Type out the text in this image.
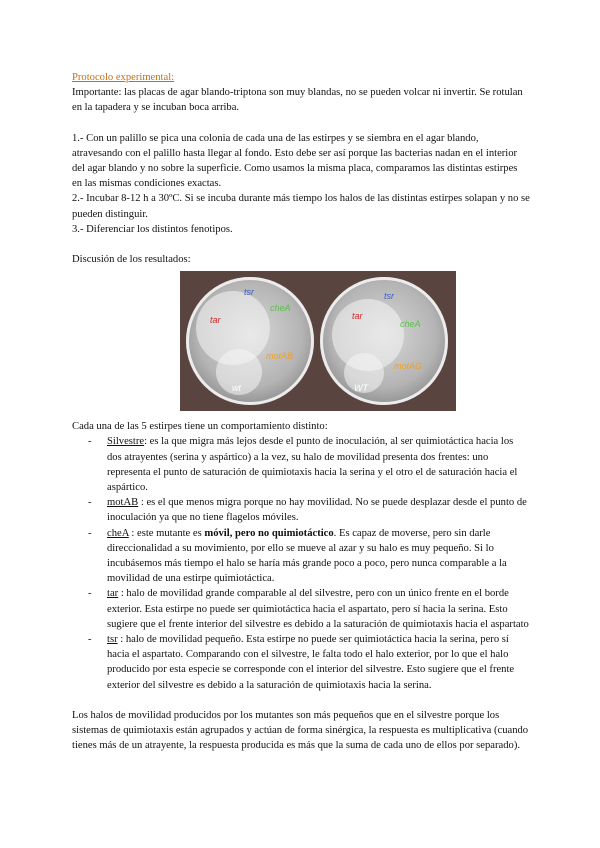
Protocolo experimental:

Importante: las placas de agar blando-triptona son muy blandas, no se pueden volcar ni invertir. Se rotulan en la tapadera y se incuban boca arriba.

1.- Con un palillo se pica una colonia de cada una de las estirpes y se siembra en el agar blando, atravesando con el palillo hasta llegar al fondo. Esto debe ser así porque las bacterias nadan en el interior del agar blando y no sobre la superficie. Como usamos la misma placa, comparamos las distintas estirpes en las mismas condiciones exactas.

2.- Incubar 8-12 h a 30ºC. Si se incuba durante más tiempo los halos de las distintas estirpes solapan y no se pueden distinguir.

3.- Diferenciar los distintos fenotipos.

Discusión de los resultados:

tsr
cheA
tar
motAB
wt
tsr
tar
cheA
motAG
WT

Cada una de las 5 estirpes tiene un comportamiento distinto:

- Silvestre: es la que migra más lejos desde el punto de inoculación, al ser quimiotáctica hacia los dos atrayentes (serina y aspártico) a la vez, su halo de movilidad presenta dos frentes: uno representa el punto de saturación de quimiotaxis hacia la serina y el otro el de saturación hacia el aspártico.
- motAB : es el que menos migra porque no hay movilidad. No se puede desplazar desde el punto de inoculación ya que no tiene flagelos móviles.
- cheA : este mutante es móvil, pero no quimiotáctico. Es capaz de moverse, pero sin darle direccionalidad a su movimiento, por ello se mueve al azar y su halo es muy pequeño. Si lo incubásemos más tiempo el halo se haría más grande poco a poco, pero nunca comparable a la movilidad de una estirpe quimiotáctica.
- tar : halo de movilidad grande comparable al del silvestre, pero con un único frente en el borde exterior. Esta estirpe no puede ser quimiotáctica hacia el aspartato, pero sí hacia la serina. Esto sugiere que el frente interior del silvestre es debido a la saturación de quimiotaxis hacia el aspartato
- tsr : halo de movilidad pequeño. Esta estirpe no puede ser quimiotáctica hacia la serina, pero sí hacia el aspartato. Comparando con el silvestre, le falta todo el halo exterior, por lo que el halo producido por esta especie se corresponde con el interior del silvestre. Esto sugiere que el frente exterior del silvestre es debido a la saturación de quimiotaxis hacia la serina.

Los halos de movilidad producidos por los mutantes son más pequeños que en el silvestre porque los sistemas de quimiotaxis están agrupados y actúan de forma sinérgica, la respuesta es multiplicativa (cuando tienes más de un atrayente, la respuesta producida es más que la suma de cada uno de ellos por separado).
